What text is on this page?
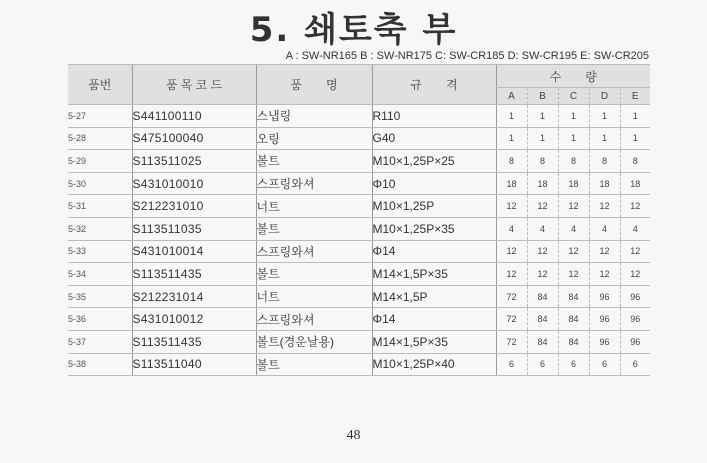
5. 쇄토축 부
A : SW-NR165 B : SW-NR175 C: SW-CR185 D: SW-CR195 E: SW-CR205
품번	품 목 코 드	품　　명	규　　격	수　　량				
				A	B	C	D	E
5-27	S441100110	스냅링	R110	1	1	1	1	1
5-28	S475100040	오링	G40	1	1	1	1	1
5-29	S113511025	볼트	M10×1,25P×25	8	8	8	8	8
5-30	S431010010	스프링와셔	Φ10	18	18	18	18	18
5-31	S212231010	너트	M10×1,25P	12	12	12	12	12
5-32	S113511035	볼트	M10×1,25P×35	4	4	4	4	4
5-33	S431010014	스프링와셔	Φ14	12	12	12	12	12
5-34	S113511435	볼트	M14×1,5P×35	12	12	12	12	12
5-35	S212231014	너트	M14×1,5P	72	84	84	96	96
5-36	S431010012	스프링와셔	Φ14	72	84	84	96	96
5-37	S113511435	볼트(경운날용)	M14×1,5P×35	72	84	84	96	96
5-38	S113511040	볼트	M10×1,25P×40	6	6	6	6	6
48
